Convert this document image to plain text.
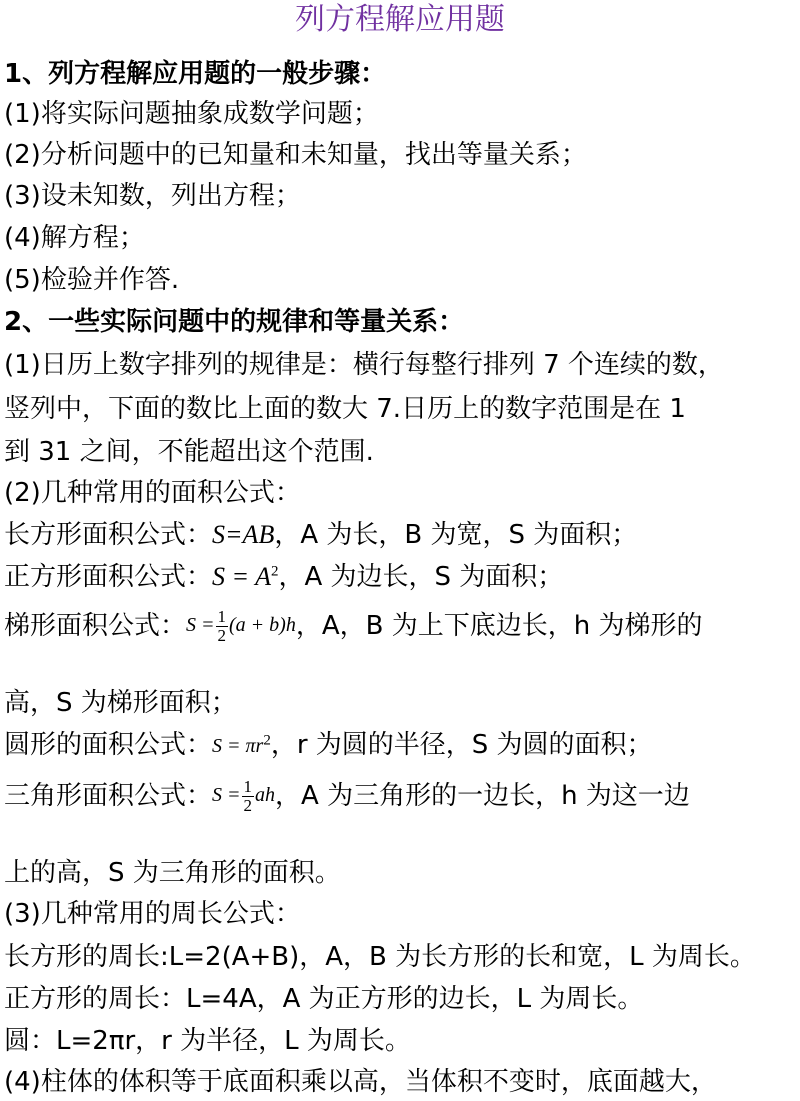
列方程解应用题
1、列方程解应用题的一般步骤：
(1)将实际问题抽象成数学问题；
(2)分析问题中的已知量和未知量，找出等量关系；
(3)设未知数，列出方程；
(4)解方程；
(5)检验并作答.
2、一些实际问题中的规律和等量关系：
(1)日历上数字排列的规律是：横行每整行排列 7 个连续的数，
竖列中，下面的数比上面的数大 7.日历上的数字范围是在 1
到 31 之间，不能超出这个范围.
(2)几种常用的面积公式：
长方形面积公式：S=AB，A 为长，B 为宽，S 为面积；
正方形面积公式：$S = A^2$，A 为边长，S 为面积；
梯形面积公式：$S = \frac{1}{2} (a + b)h$，A，B 为上下底边长，h 为梯形的
高，S 为梯形面积；
圆形的面积公式：$S = \pi r^2$，r 为圆的半径，S 为圆的面积；
三角形面积公式：$S = \frac{1}{2}$ ah，A 为三角形的一边长，h 为这一边
上的高，S 为三角形的面积。
(3)几种常用的周长公式：
长方形的周长:L=2(A+B)，A，B 为长方形的长和宽，L 为周长。
正方形的周长：L=4A，A 为正方形的边长，L 为周长。
圆：L=2πr，r 为半径，L 为周长。
(4)柱体的体积等于底面积乘以高，当体积不变时，底面越大，
